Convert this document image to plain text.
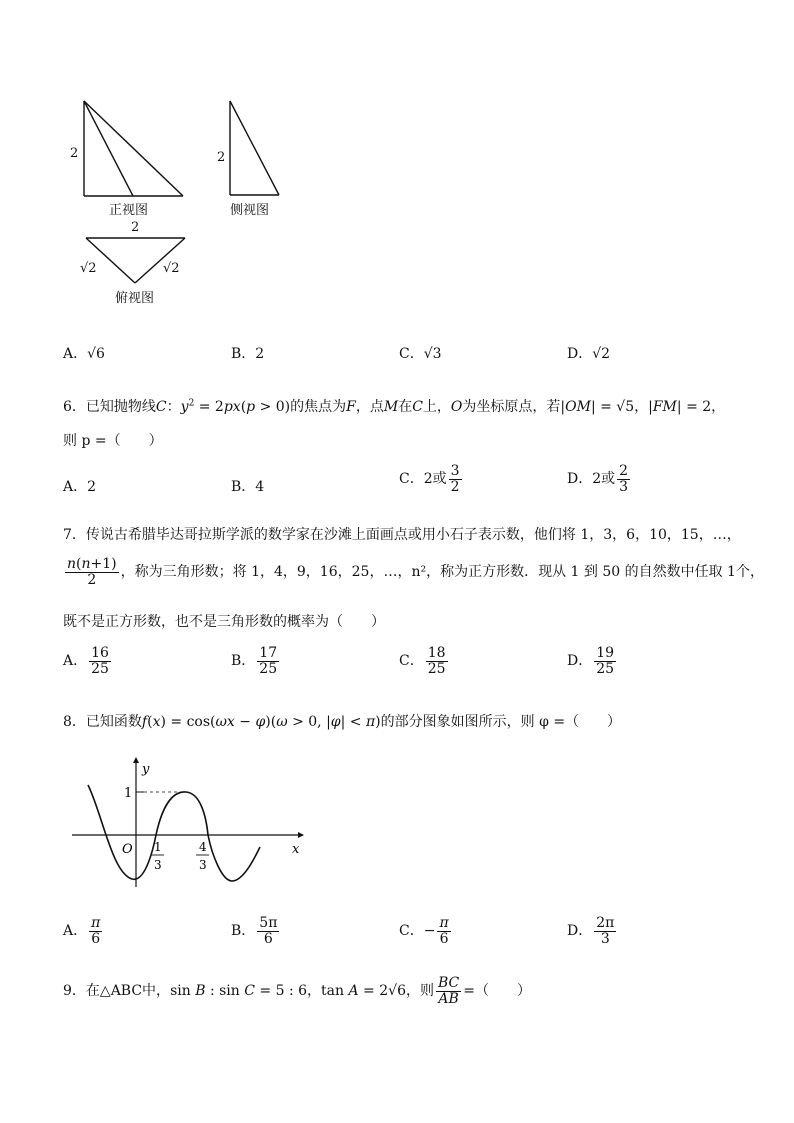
2
正视图
2
侧视图
2
√2	√2
俯视图
A．√6	B．2	C．√3	D．√2
6．已知抛物线C：$y^2 = 2px(p > 0)$的焦点为F，点M在C上，O为坐标原点，若|OM| = √5，|FM| = 2，
则 p =（　　）
A．2	B．4	C．2或 $\frac{3}{2}$	D．2或 $\frac{2}{3}$
7．传说古希腊毕达哥拉斯学派的数学家在沙滩上面画点或用小石子表示数，他们将 1，3，6，10，15，…，
$\frac{n(n+1)}{2}$ ，称为三角形数；将 1，4，9，16，25，…，n²，称为正方形数．现从 1 到 50 的自然数中任取 1个，
既不是正方形数，也不是三角形数的概率为（　　）
A． $\frac{16}{25}$	B． $\frac{17}{25}$	C． $\frac{18}{25}$	D． $\frac{19}{25}$
8．已知函数f(x) = cos(ωx − φ)(ω > 0, |φ| < π)的部分图象如图所示，则 φ =（　　）
y
x
O
1
1
3
4
3
A． $\frac{\pi}{6}$	B． $\frac{5\pi}{6}$	C．− $\frac{\pi}{6}$	D． $\frac{2\pi}{3}$
9．在△ABC中，sin B : sin C = 5 : 6，tan A = 2√6，则 $\frac{BC}{AB}$ =（　　）
